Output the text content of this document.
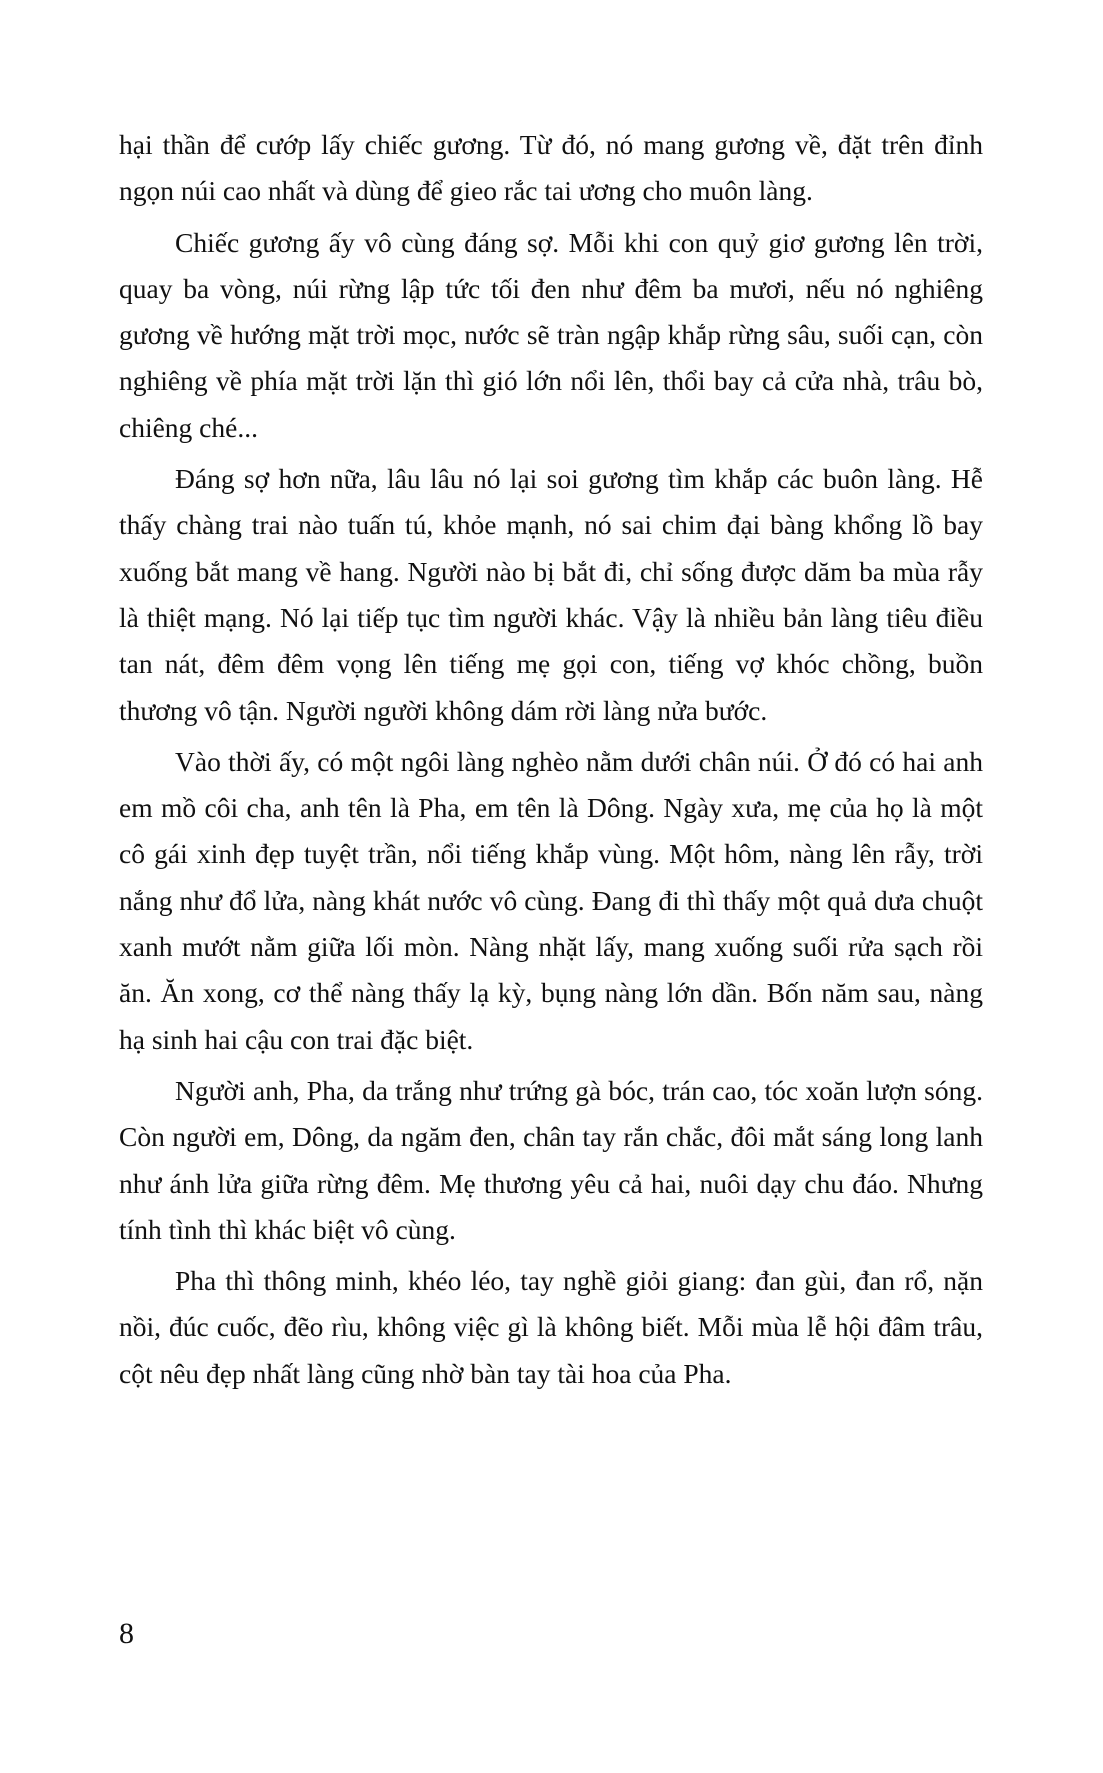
hại thần để cướp lấy chiếc gương. Từ đó, nó mang gương về, đặt trên đỉnh ngọn núi cao nhất và dùng để gieo rắc tai ương cho muôn làng.

Chiếc gương ấy vô cùng đáng sợ. Mỗi khi con quỷ giơ gương lên trời, quay ba vòng, núi rừng lập tức tối đen như đêm ba mươi, nếu nó nghiêng gương về hướng mặt trời mọc, nước sẽ tràn ngập khắp rừng sâu, suối cạn, còn nghiêng về phía mặt trời lặn thì gió lớn nổi lên, thổi bay cả cửa nhà, trâu bò, chiêng ché...

Đáng sợ hơn nữa, lâu lâu nó lại soi gương tìm khắp các buôn làng. Hễ thấy chàng trai nào tuấn tú, khỏe mạnh, nó sai chim đại bàng khổng lồ bay xuống bắt mang về hang. Người nào bị bắt đi, chỉ sống được dăm ba mùa rẫy là thiệt mạng. Nó lại tiếp tục tìm người khác. Vậy là nhiều bản làng tiêu điều tan nát, đêm đêm vọng lên tiếng mẹ gọi con, tiếng vợ khóc chồng, buồn thương vô tận. Người người không dám rời làng nửa bước.

Vào thời ấy, có một ngôi làng nghèo nằm dưới chân núi. Ở đó có hai anh em mồ côi cha, anh tên là Pha, em tên là Dông. Ngày xưa, mẹ của họ là một cô gái xinh đẹp tuyệt trần, nổi tiếng khắp vùng. Một hôm, nàng lên rẫy, trời nắng như đổ lửa, nàng khát nước vô cùng. Đang đi thì thấy một quả dưa chuột xanh mướt nằm giữa lối mòn. Nàng nhặt lấy, mang xuống suối rửa sạch rồi ăn. Ăn xong, cơ thể nàng thấy lạ kỳ, bụng nàng lớn dần. Bốn năm sau, nàng hạ sinh hai cậu con trai đặc biệt.

Người anh, Pha, da trắng như trứng gà bóc, trán cao, tóc xoăn lượn sóng. Còn người em, Dông, da ngăm đen, chân tay rắn chắc, đôi mắt sáng long lanh như ánh lửa giữa rừng đêm. Mẹ thương yêu cả hai, nuôi dạy chu đáo. Nhưng tính tình thì khác biệt vô cùng.

Pha thì thông minh, khéo léo, tay nghề giỏi giang: đan gùi, đan rổ, nặn nồi, đúc cuốc, đẽo rìu, không việc gì là không biết. Mỗi mùa lễ hội đâm trâu, cột nêu đẹp nhất làng cũng nhờ bàn tay tài hoa của Pha.

8
